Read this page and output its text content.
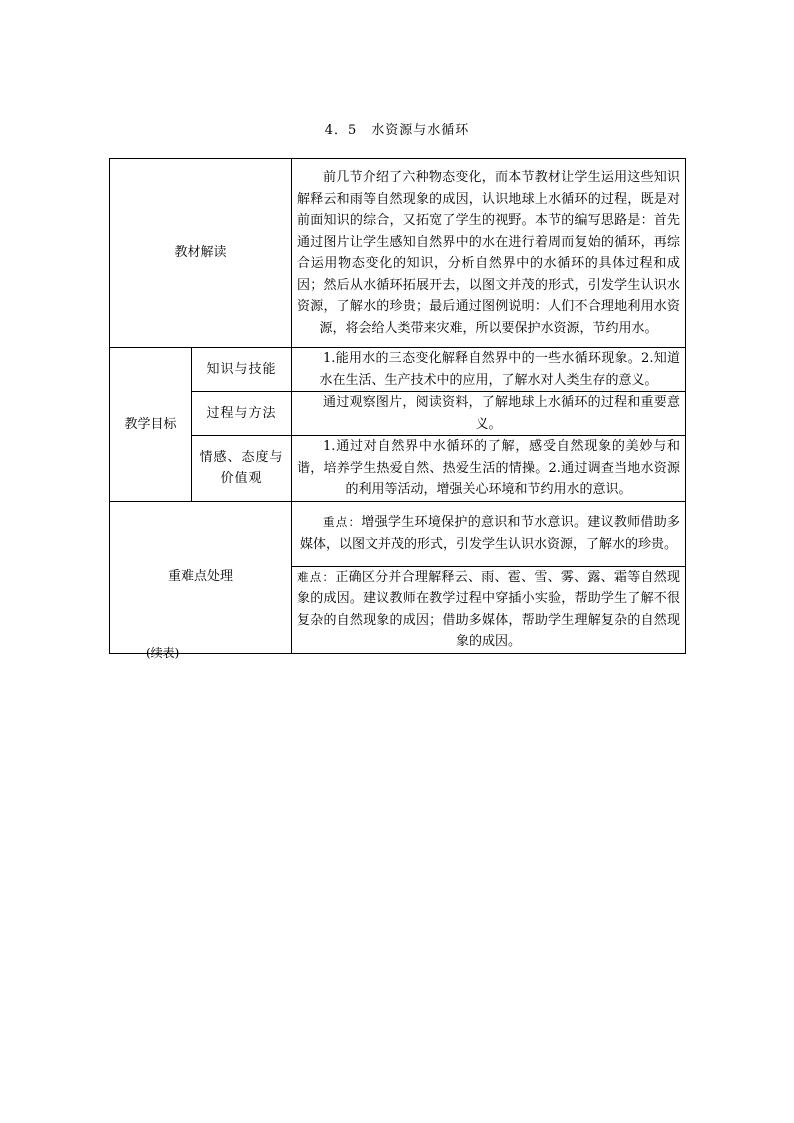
4．5　水资源与水循环
教材解读		前几节介绍了六种物态变化，而本节教材让学生运用这些知识解释云和雨等自然现象的成因，认识地球上水循环的过程，既是对前面知识的综合，又拓宽了学生的视野。本节的编写思路是：首先通过图片让学生感知自然界中的水在进行着周而复始的循环，再综合运用物态变化的知识，分析自然界中的水循环的具体过程和成因；然后从水循环拓展开去，以图文并茂的形式，引发学生认识水资源，了解水的珍贵；最后通过图例说明：人们不合理地利用水资源，将会给人类带来灾难，所以要保护水资源，节约用水。
教学目标	知识与技能	1.能用水的三态变化解释自然界中的一些水循环现象。2.知道水在生活、生产技术中的应用，了解水对人类生存的意义。
	过程与方法	通过观察图片，阅读资料，了解地球上水循环的过程和重要意义。
	情感、态度与价值观	1.通过对自然界中水循环的了解，感受自然现象的美妙与和谐，培养学生热爱自然、热爱生活的情操。2.通过调查当地水资源的利用等活动，增强关心环境和节约用水的意识。
重难点处理		重点：增强学生环境保护的意识和节水意识。建议教师借助多媒体，以图文并茂的形式，引发学生认识水资源，了解水的珍贵。
		难点：正确区分并合理解释云、雨、雹、雪、雾、露、霜等自然现象的成因。建议教师在教学过程中穿插小实验，帮助学生了解不很复杂的自然现象的成因；借助多媒体，帮助学生理解复杂的自然现象的成因。
(续表)
